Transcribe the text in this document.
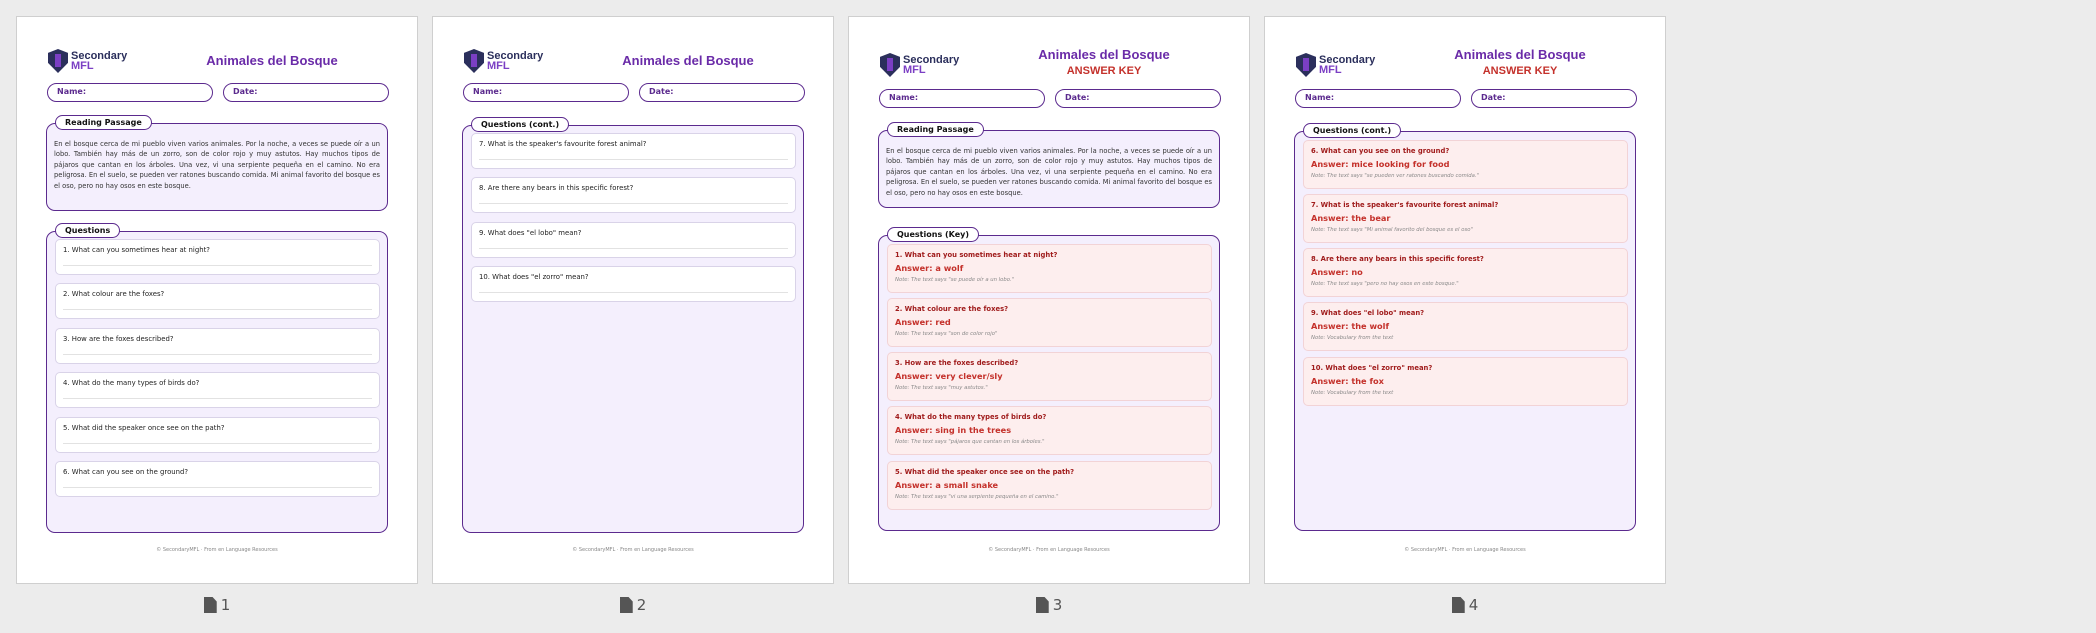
Secondary
MFL	Animales del Bosque
Name:	Date:
Reading Passage
En el bosque cerca de mi pueblo viven varios animales. Por la noche, a veces se puede oír a un lobo. También hay más de un zorro, son de color rojo y muy astutos. Hay muchos tipos de pájaros que cantan en los árboles. Una vez, vi una serpiente pequeña en el camino. No era peligrosa. En el suelo, se pueden ver ratones buscando comida. Mi animal favorito del bosque es el oso, pero no hay osos en este bosque.
Questions
1. What can you sometimes hear at night?
2. What colour are the foxes?
3. How are the foxes described?
4. What do the many types of birds do?
5. What did the speaker once see on the path?
6. What can you see on the ground?
© SecondaryMFL · From en Language Resources
1
Secondary
MFL	Animales del Bosque
Name:	Date:
Questions (cont.)
7. What is the speaker's favourite forest animal?
8. Are there any bears in this specific forest?
9. What does "el lobo" mean?
10. What does "el zorro" mean?
© SecondaryMFL · From en Language Resources
2
Secondary
MFL
Animales del Bosque
ANSWER KEY
Name:	Date:
Reading Passage
En el bosque cerca de mi pueblo viven varios animales. Por la noche, a veces se puede oír a un lobo. También hay más de un zorro, son de color rojo y muy astutos. Hay muchos tipos de pájaros que cantan en los árboles. Una vez, vi una serpiente pequeña en el camino. No era peligrosa. En el suelo, se pueden ver ratones buscando comida. Mi animal favorito del bosque es el oso, pero no hay osos en este bosque.
Questions (Key)
1. What can you sometimes hear at night?
Answer: a wolf
Note: The text says "se puede oír a un lobo."
2. What colour are the foxes?
Answer: red
Note: The text says "son de color rojo"
3. How are the foxes described?
Answer: very clever/sly
Note: The text says "muy astutos."
4. What do the many types of birds do?
Answer: sing in the trees
Note: The text says "pájaros que cantan en los árboles."
5. What did the speaker once see on the path?
Answer: a small snake
Note: The text says "vi una serpiente pequeña en el camino."
© SecondaryMFL · From en Language Resources
3
Secondary
MFL
Animales del Bosque
ANSWER KEY
Name:	Date:
Questions (cont.)
6. What can you see on the ground?
Answer: mice looking for food
Note: The text says "se pueden ver ratones buscando comida."
7. What is the speaker's favourite forest animal?
Answer: the bear
Note: The text says "Mi animal favorito del bosque es el oso"
8. Are there any bears in this specific forest?
Answer: no
Note: The text says "pero no hay osos en este bosque."
9. What does "el lobo" mean?
Answer: the wolf
Note: Vocabulary from the text
10. What does "el zorro" mean?
Answer: the fox
Note: Vocabulary from the text
© SecondaryMFL · From en Language Resources
4
